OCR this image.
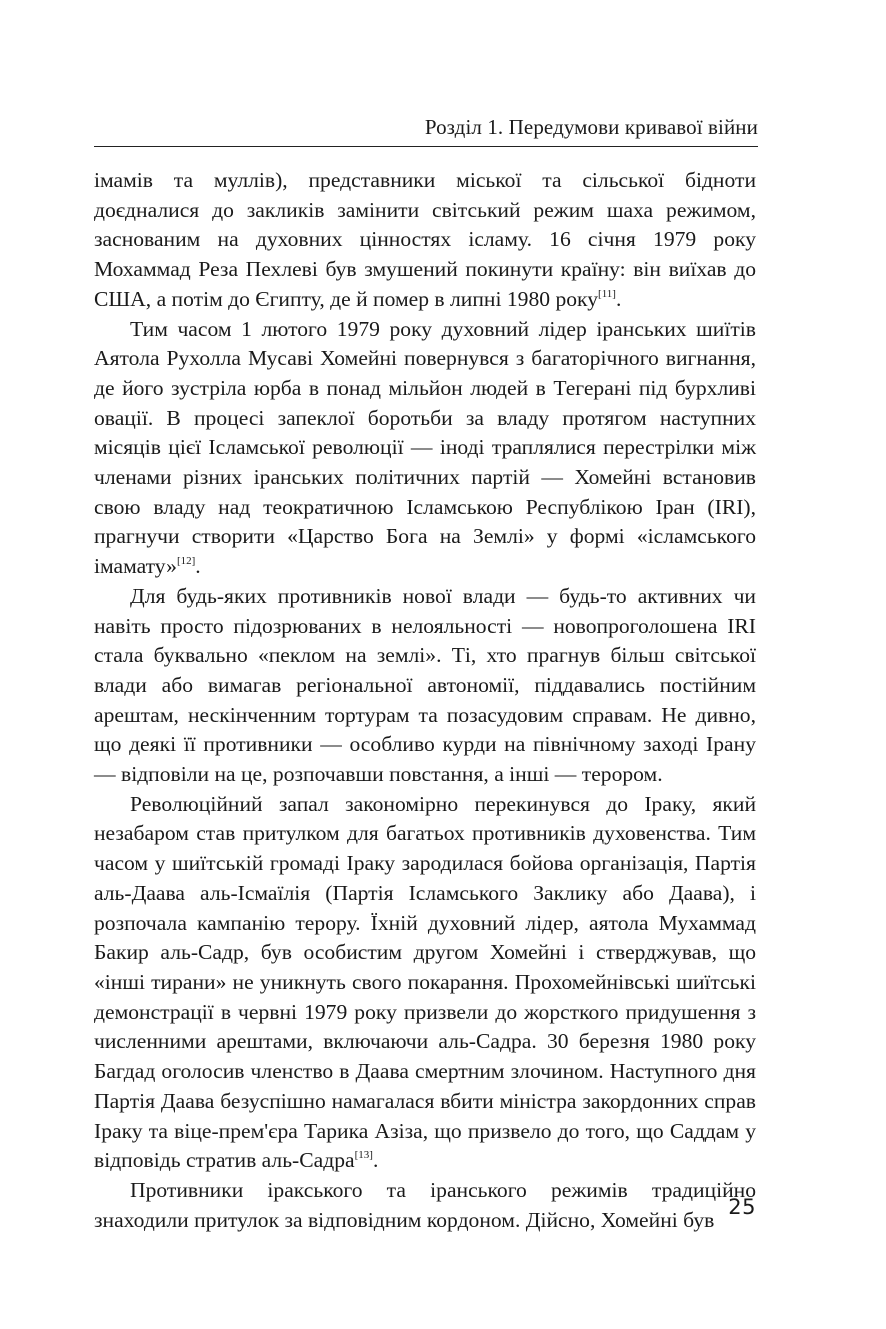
Розділ 1. Передумови кривавої війни

імамів та муллів), представники міської та сільської бідноти доєдналися до закликів замінити світський режим шаха режимом, заснованим на духовних цінностях ісламу. 16 січня 1979 року Мохаммад Реза Пехлеві був змушений покинути країну: він виїхав до США, а потім до Єгипту, де й помер в липні 1980 року[11].

Тим часом 1 лютого 1979 року духовний лідер іранських шиїтів Аятола Рухолла Мусаві Хомейні повернувся з багаторічного вигнання, де його зустріла юрба в понад мільйон людей в Тегерані під бурхливі овації. В процесі запеклої боротьби за владу протягом наступних місяців цієї Ісламської революції — іноді траплялися перестрілки між членами різних іранських політичних партій — Хомейні встановив свою владу над теократичною Ісламською Республікою Іран (IRI), прагнучи створити «Царство Бога на Землі» у формі «ісламського імамату»[12].

Для будь-яких противників нової влади — будь-то активних чи навіть просто підозрюваних в нелояльності — новопроголошена IRI стала буквально «пеклом на землі». Ті, хто прагнув більш світської влади або вимагав регіональної автономії, піддавались постійним арештам, нескінченним тортурам та позасудовим справам. Не дивно, що деякі її противники — особливо курди на північному заході Ірану — відповіли на це, розпочавши повстання, а інші — терором.

Революційний запал закономірно перекинувся до Іраку, який незабаром став притулком для багатьох противників духовенства. Тим часом у шиїтській громаді Іраку зародилася бойова організація, Партія аль-Даава аль-Ісмаїлія (Партія Ісламського Заклику або Даава), і розпочала кампанію терору. Їхній духовний лідер, аятола Мухаммад Бакир аль-Садр, був особистим другом Хомейні і стверджував, що «інші тирани» не уникнуть свого покарання. Прохомейнівські шиїтські демонстрації в червні 1979 року призвели до жорсткого придушення з численними арештами, включаючи аль-Садра. 30 березня 1980 року Багдад оголосив членство в Даава смертним злочином. Наступного дня Партія Даава безуспішно намагалася вбити міністра закордонних справ Іраку та віце-прем'єра Тарика Азіза, що призвело до того, що Саддам у відповідь стратив аль-Садра[13].

Противники іракського та іранського режимів традиційно знаходили притулок за відповідним кордоном. Дійсно, Хомейні був

25
